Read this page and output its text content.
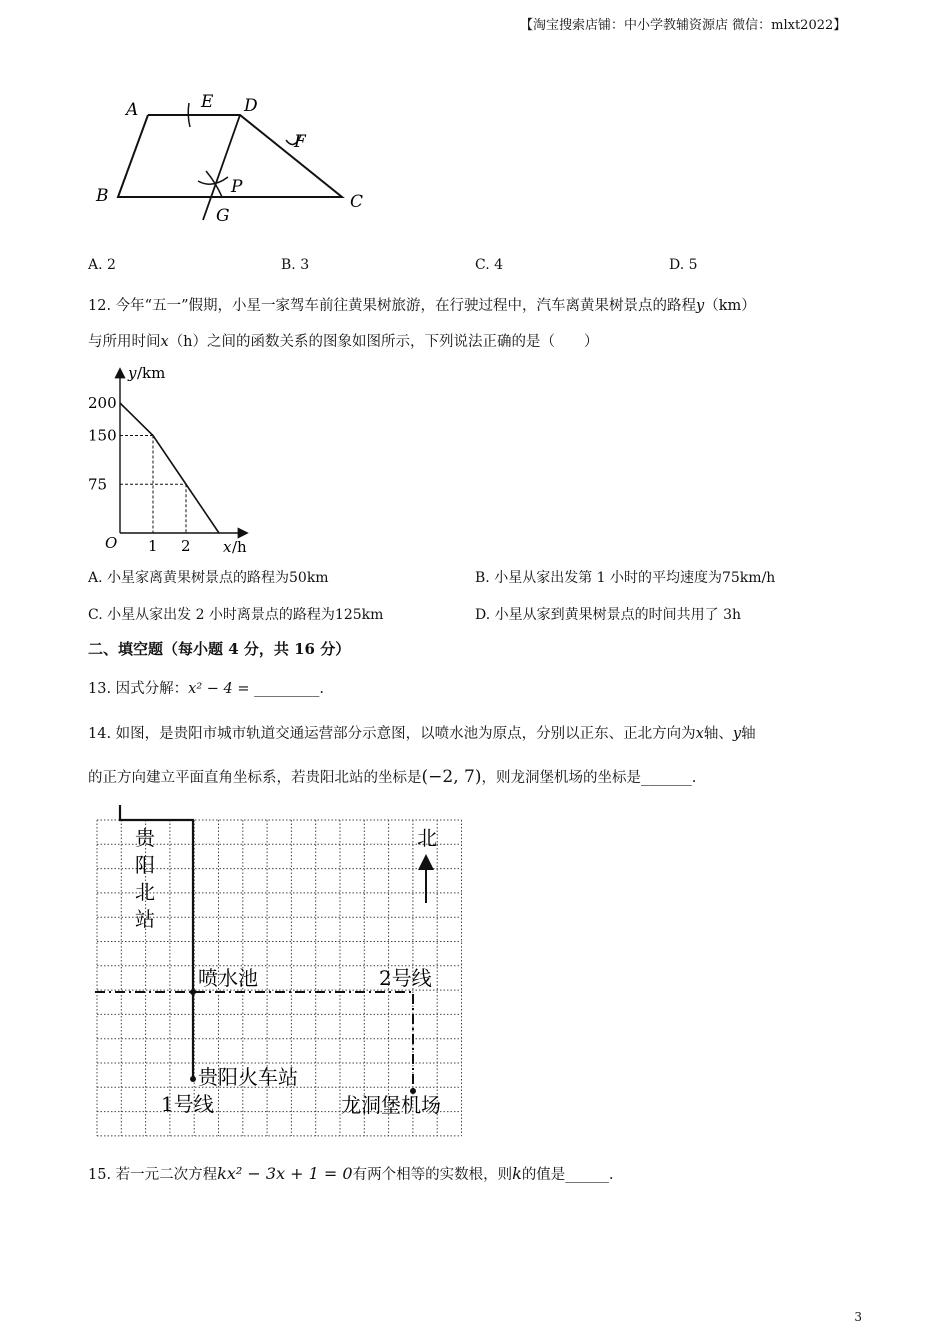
【淘宝搜索店铺：中小学教辅资源店 微信：mlxt2022】
A	E D
F
B	P
C
G
A. 2	B. 3	C. 4	D. 5
12. 今年“五一”假期，小星一家驾车前往黄果树旅游，在行驶过程中，汽车离黄果树景点的路程y（km）
与所用时间x（h）之间的函数关系的图象如图所示，下列说法正确的是（　　）
y /km
x /h
O
200
150
75
1 2
A. 小星家离黄果树景点的路程为50km	B. 小星从家出发第 1 小时的平均速度为75km/h
C. 小星从家出发 2 小时离景点的路程为125km	D. 小星从家到黄果树景点的时间共用了 3h
二、填空题（每小题 4 分，共 16 分）
13. 因式分解：x² − 4 = _________.
14. 如图，是贵阳市城市轨道交通运营部分示意图，以喷水池为原点，分别以正东、正北方向为x轴、y轴
的正方向建立平面直角坐标系，若贵阳北站的坐标是(−2, 7)，则龙洞堡机场的坐标是_______.
北
贵
阳
北
站
喷水池	2号线
贵阳火车站
1号线	龙洞堡机场
15. 若一元二次方程kx² − 3x + 1 = 0有两个相等的实数根，则k的值是______.
3
